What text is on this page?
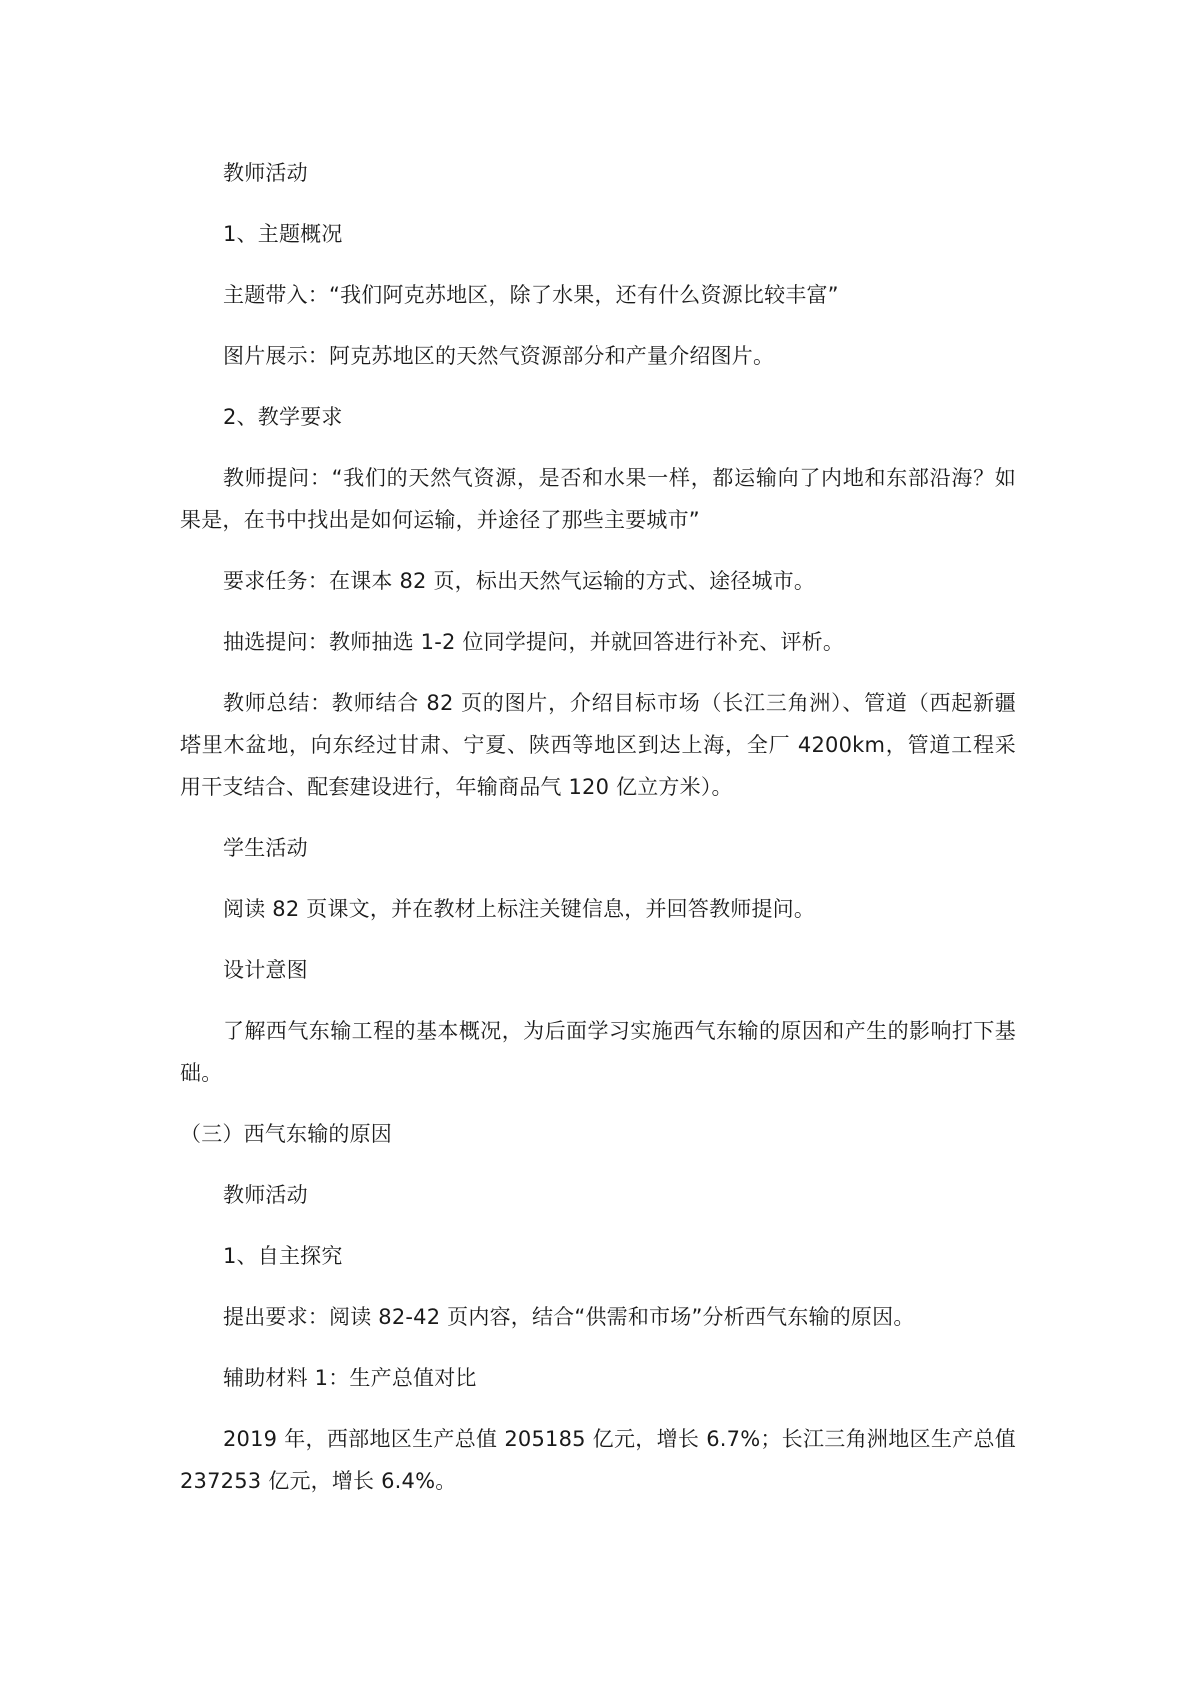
教师活动

1、主题概况

主题带入：“我们阿克苏地区，除了水果，还有什么资源比较丰富”

图片展示：阿克苏地区的天然气资源部分和产量介绍图片。

2、教学要求

教师提问：“我们的天然气资源，是否和水果一样，都运输向了内地和东部沿海？如果是，在书中找出是如何运输，并途径了那些主要城市”

要求任务：在课本 82 页，标出天然气运输的方式、途径城市。

抽选提问：教师抽选 1-2 位同学提问，并就回答进行补充、评析。

教师总结：教师结合 82 页的图片，介绍目标市场（长江三角洲）、管道（西起新疆塔里木盆地，向东经过甘肃、宁夏、陕西等地区到达上海，全厂 4200km，管道工程采用干支结合、配套建设进行，年输商品气 120 亿立方米）。

学生活动

阅读 82 页课文，并在教材上标注关键信息，并回答教师提问。

设计意图

了解西气东输工程的基本概况，为后面学习实施西气东输的原因和产生的影响打下基础。

（三）西气东输的原因

教师活动

1、自主探究

提出要求：阅读 82-42 页内容，结合“供需和市场”分析西气东输的原因。

辅助材料 1：生产总值对比

2019 年，西部地区生产总值 205185 亿元，增长 6.7%；长江三角洲地区生产总值 237253 亿元，增长 6.4%。
